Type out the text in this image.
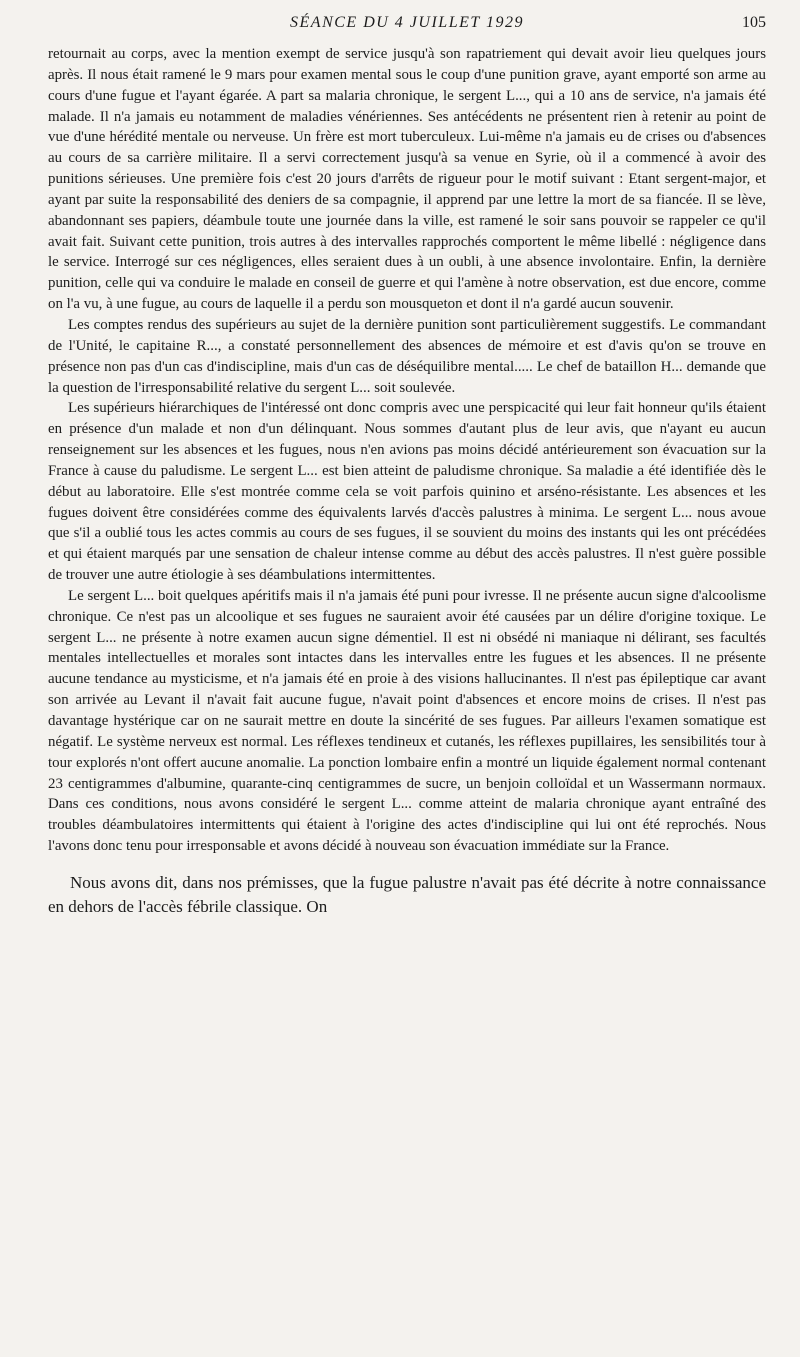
SÉANCE DU 4 JUILLET 1929	105

retournait au corps, avec la mention exempt de service jusqu'à son rapatriement qui devait avoir lieu quelques jours après. Il nous était ramené le 9 mars pour examen mental sous le coup d'une punition grave, ayant emporté son arme au cours d'une fugue et l'ayant égarée. A part sa malaria chronique, le sergent L..., qui a 10 ans de service, n'a jamais été malade. Il n'a jamais eu notamment de maladies vénériennes. Ses antécédents ne présentent rien à retenir au point de vue d'une hérédité mentale ou nerveuse. Un frère est mort tuberculeux. Lui-même n'a jamais eu de crises ou d'absences au cours de sa carrière militaire. Il a servi correctement jusqu'à sa venue en Syrie, où il a commencé à avoir des punitions sérieuses. Une première fois c'est 20 jours d'arrêts de rigueur pour le motif suivant : Etant sergent-major, et ayant par suite la responsabilité des deniers de sa compagnie, il apprend par une lettre la mort de sa fiancée. Il se lève, abandonnant ses papiers, déambule toute une journée dans la ville, est ramené le soir sans pouvoir se rappeler ce qu'il avait fait. Suivant cette punition, trois autres à des intervalles rapprochés comportent le même libellé : négligence dans le service. Interrogé sur ces négligences, elles seraient dues à un oubli, à une absence involontaire. Enfin, la dernière punition, celle qui va conduire le malade en conseil de guerre et qui l'amène à notre observation, est due encore, comme on l'a vu, à une fugue, au cours de laquelle il a perdu son mousqueton et dont il n'a gardé aucun souvenir.

Les comptes rendus des supérieurs au sujet de la dernière punition sont particulièrement suggestifs. Le commandant de l'Unité, le capitaine R..., a constaté personnellement des absences de mémoire et est d'avis qu'on se trouve en présence non pas d'un cas d'indiscipline, mais d'un cas de déséquilibre mental..... Le chef de bataillon H... demande que la question de l'irresponsabilité relative du sergent L... soit soulevée.

Les supérieurs hiérarchiques de l'intéressé ont donc compris avec une perspicacité qui leur fait honneur qu'ils étaient en présence d'un malade et non d'un délinquant. Nous sommes d'autant plus de leur avis, que n'ayant eu aucun renseignement sur les absences et les fugues, nous n'en avions pas moins décidé antérieurement son évacuation sur la France à cause du paludisme. Le sergent L... est bien atteint de paludisme chronique. Sa maladie a été identifiée dès le début au laboratoire. Elle s'est montrée comme cela se voit parfois quinino et arséno-résistante. Les absences et les fugues doivent être considérées comme des équivalents larvés d'accès palustres à minima. Le sergent L... nous avoue que s'il a oublié tous les actes commis au cours de ses fugues, il se souvient du moins des instants qui les ont précédées et qui étaient marqués par une sensation de chaleur intense comme au début des accès palustres. Il n'est guère possible de trouver une autre étiologie à ses déambulations intermittentes.

Le sergent L... boit quelques apéritifs mais il n'a jamais été puni pour ivresse. Il ne présente aucun signe d'alcoolisme chronique. Ce n'est pas un alcoolique et ses fugues ne sauraient avoir été causées par un délire d'origine toxique. Le sergent L... ne présente à notre examen aucun signe démentiel. Il est ni obsédé ni maniaque ni délirant, ses facultés mentales intellectuelles et morales sont intactes dans les intervalles entre les fugues et les absences. Il ne présente aucune tendance au mysticisme, et n'a jamais été en proie à des visions hallucinantes. Il n'est pas épileptique car avant son arrivée au Levant il n'avait fait aucune fugue, n'avait point d'absences et encore moins de crises. Il n'est pas davantage hystérique car on ne saurait mettre en doute la sincérité de ses fugues. Par ailleurs l'examen somatique est négatif. Le système nerveux est normal. Les réflexes tendineux et cutanés, les réflexes pupillaires, les sensibilités tour à tour explorés n'ont offert aucune anomalie. La ponction lombaire enfin a montré un liquide également normal contenant 23 centigrammes d'albumine, quarante-cinq centigrammes de sucre, un benjoin colloïdal et un Wassermann normaux. Dans ces conditions, nous avons considéré le sergent L... comme atteint de malaria chronique ayant entraîné des troubles déambulatoires intermittents qui étaient à l'origine des actes d'indiscipline qui lui ont été reprochés. Nous l'avons donc tenu pour irresponsable et avons décidé à nouveau son évacuation immédiate sur la France.

Nous avons dit, dans nos prémisses, que la fugue palustre n'avait pas été décrite à notre connaissance en dehors de l'accès fébrile classique. On
